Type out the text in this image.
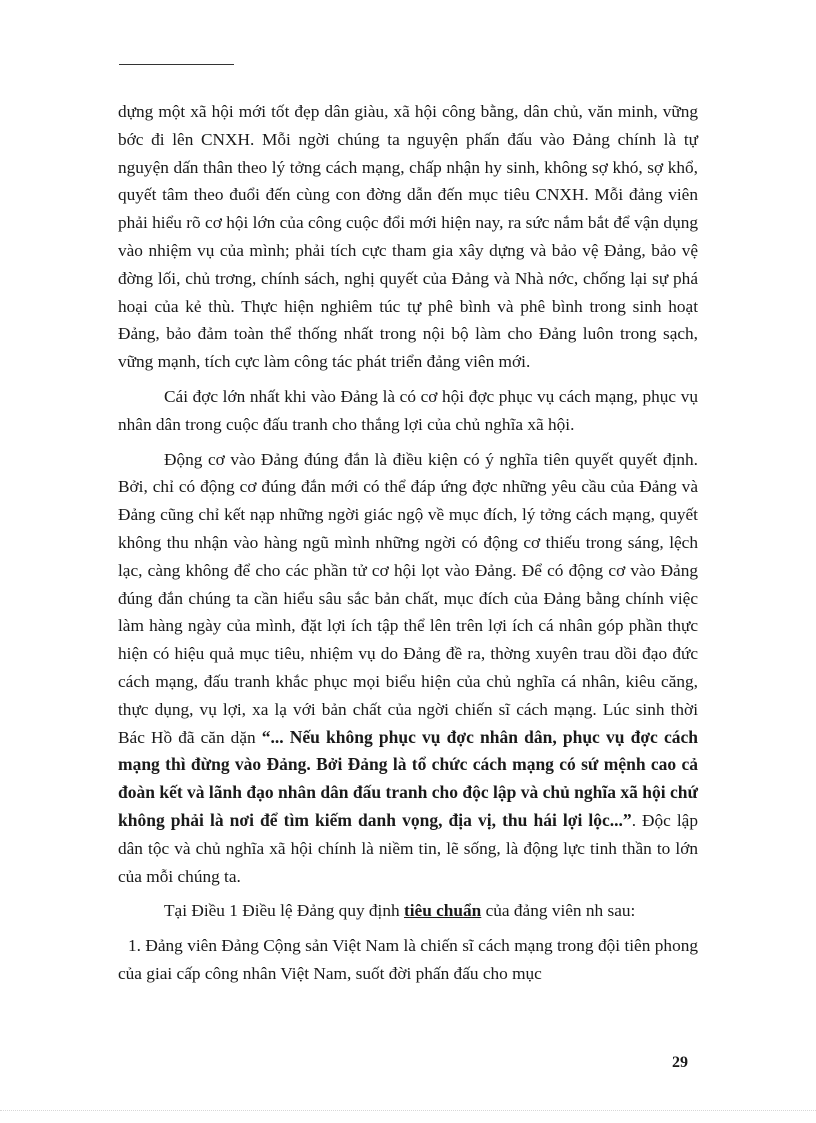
dựng một xã hội mới tốt đẹp dân giàu, xã hội công bằng, dân chủ, văn minh, vững bớc đi lên CNXH. Mỗi ngời chúng ta nguyện phấn đấu vào Đảng chính là tự nguyện dấn thân theo lý tởng cách mạng, chấp nhận hy sinh, không sợ khó, sợ khổ, quyết tâm theo đuổi đến cùng con đờng dẫn đến mục tiêu CNXH. Mỗi đảng viên phải hiểu rõ cơ hội lớn của công cuộc đổi mới hiện nay, ra sức nắm bắt để vận dụng vào nhiệm vụ của mình; phải tích cực tham gia xây dựng và bảo vệ Đảng, bảo vệ đờng lối, chủ trơng, chính sách, nghị quyết của Đảng và Nhà nớc, chống lại sự phá hoại của kẻ thù. Thực hiện nghiêm túc tự phê bình và phê bình trong sinh hoạt Đảng, bảo đảm toàn thể thống nhất trong nội bộ làm cho Đảng luôn trong sạch, vững mạnh, tích cực làm công tác phát triển đảng viên mới.

Cái đợc lớn nhất khi vào Đảng là có cơ hội đợc phục vụ cách mạng, phục vụ nhân dân trong cuộc đấu tranh cho thắng lợi của chủ nghĩa xã hội.

Động cơ vào Đảng đúng đắn là điều kiện có ý nghĩa tiên quyết quyết định. Bởi, chỉ có động cơ đúng đắn mới có thể đáp ứng đợc những yêu cầu của Đảng và Đảng cũng chỉ kết nạp những ngời giác ngộ về mục đích, lý tởng cách mạng, quyết không thu nhận vào hàng ngũ mình những ngời có động cơ thiếu trong sáng, lệch lạc, càng không để cho các phần tử cơ hội lọt vào Đảng. Để có động cơ vào Đảng đúng đắn chúng ta cần hiểu sâu sắc bản chất, mục đích của Đảng bằng chính việc làm hàng ngày của mình, đặt lợi ích tập thể lên trên lợi ích cá nhân góp phần thực hiện có hiệu quả mục tiêu, nhiệm vụ do Đảng đề ra, thờng xuyên trau dồi đạo đức cách mạng, đấu tranh khắc phục mọi biểu hiện của chủ nghĩa cá nhân, kiêu căng, thực dụng, vụ lợi, xa lạ với bản chất của ngời chiến sĩ cách mạng. Lúc sinh thời Bác Hồ đã căn dặn “... Nếu không phục vụ đợc nhân dân, phục vụ đợc cách mạng thì đừng vào Đảng. Bởi Đảng là tổ chức cách mạng có sứ mệnh cao cả đoàn kết và lãnh đạo nhân dân đấu tranh cho độc lập và chủ nghĩa xã hội chứ không phải là nơi để tìm kiếm danh vọng, địa vị, thu hái lợi lộc...”. Độc lập dân tộc và chủ nghĩa xã hội chính là niềm tin, lẽ sống, là động lực tinh thần to lớn của mỗi chúng ta.

Tại Điều 1 Điều lệ Đảng quy định tiêu chuẩn của đảng viên nh sau:

1. Đảng viên Đảng Cộng sản Việt Nam là chiến sĩ cách mạng trong đội tiên phong của giai cấp công nhân Việt Nam, suốt đời phấn đấu cho mục

29
